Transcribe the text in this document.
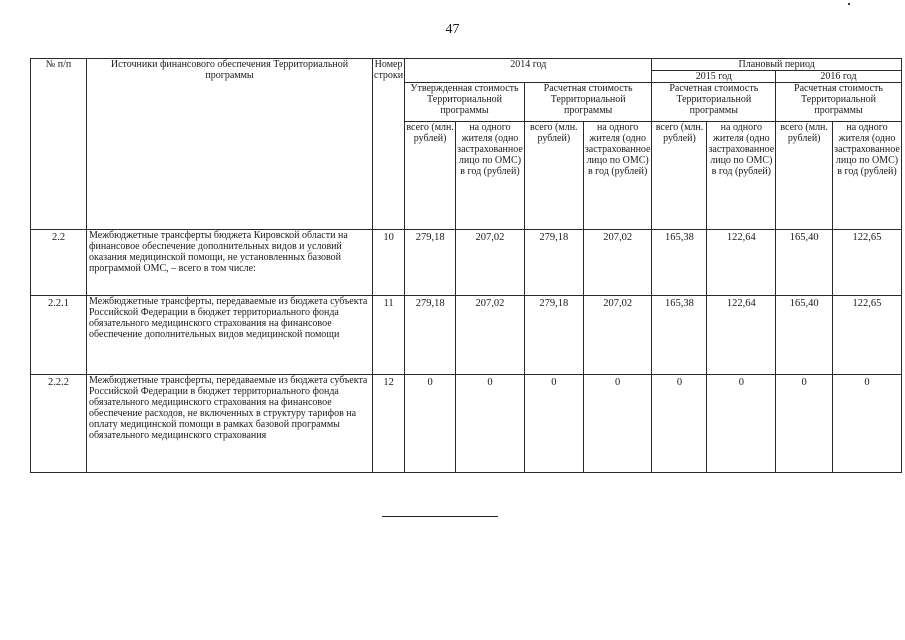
47
№ п/п	Источники финансового обеспечения Территориальной программы	Номер строки	2014 год				Плановый период			
							2015 год		2016 год	
			Утвержденная стоимость Территориальной программы		Расчетная стоимость Территориальной программы		Расчетная стоимость Территориальной программы		Расчетная стоимость Территориальной программы	
			всего (млн. рублей)	на одного жителя (одно застрахованное лицо по ОМС) в год (рублей)	всего (млн. рублей)	на одного жителя (одно застрахованное лицо по ОМС) в год (рублей)	всего (млн. рублей)	на одного жителя (одно застрахованное лицо по ОМС) в год (рублей)	всего (млн. рублей)	на одного жителя (одно застрахованное лицо по ОМС) в год (рублей)
2.2	Межбюджетные трансферты бюджета Кировской области на финансовое обеспечение дополнительных видов и условий оказания медицинской помощи, не установленных базовой программой ОМС, – всего в том числе:	10	279,18	207,02	279,18	207,02	165,38	122,64	165,40	122,65
2.2.1	Межбюджетные трансферты, передаваемые из бюджета субъекта Российской Федерации в бюджет территориального фонда обязательного медицинского страхования на финансовое обеспечение дополнительных видов медицинской помощи	11	279,18	207,02	279,18	207,02	165,38	122,64	165,40	122,65
2.2.2	Межбюджетные трансферты, передаваемые из бюджета субъекта Российской Федерации в бюджет территориального фонда обязательного медицинского страхования на финансовое обеспечение расходов, не включенных в структуру тарифов на оплату медицинской помощи в рамках базовой программы обязательного медицинского страхования	12	0	0	0	0	0	0	0	0
